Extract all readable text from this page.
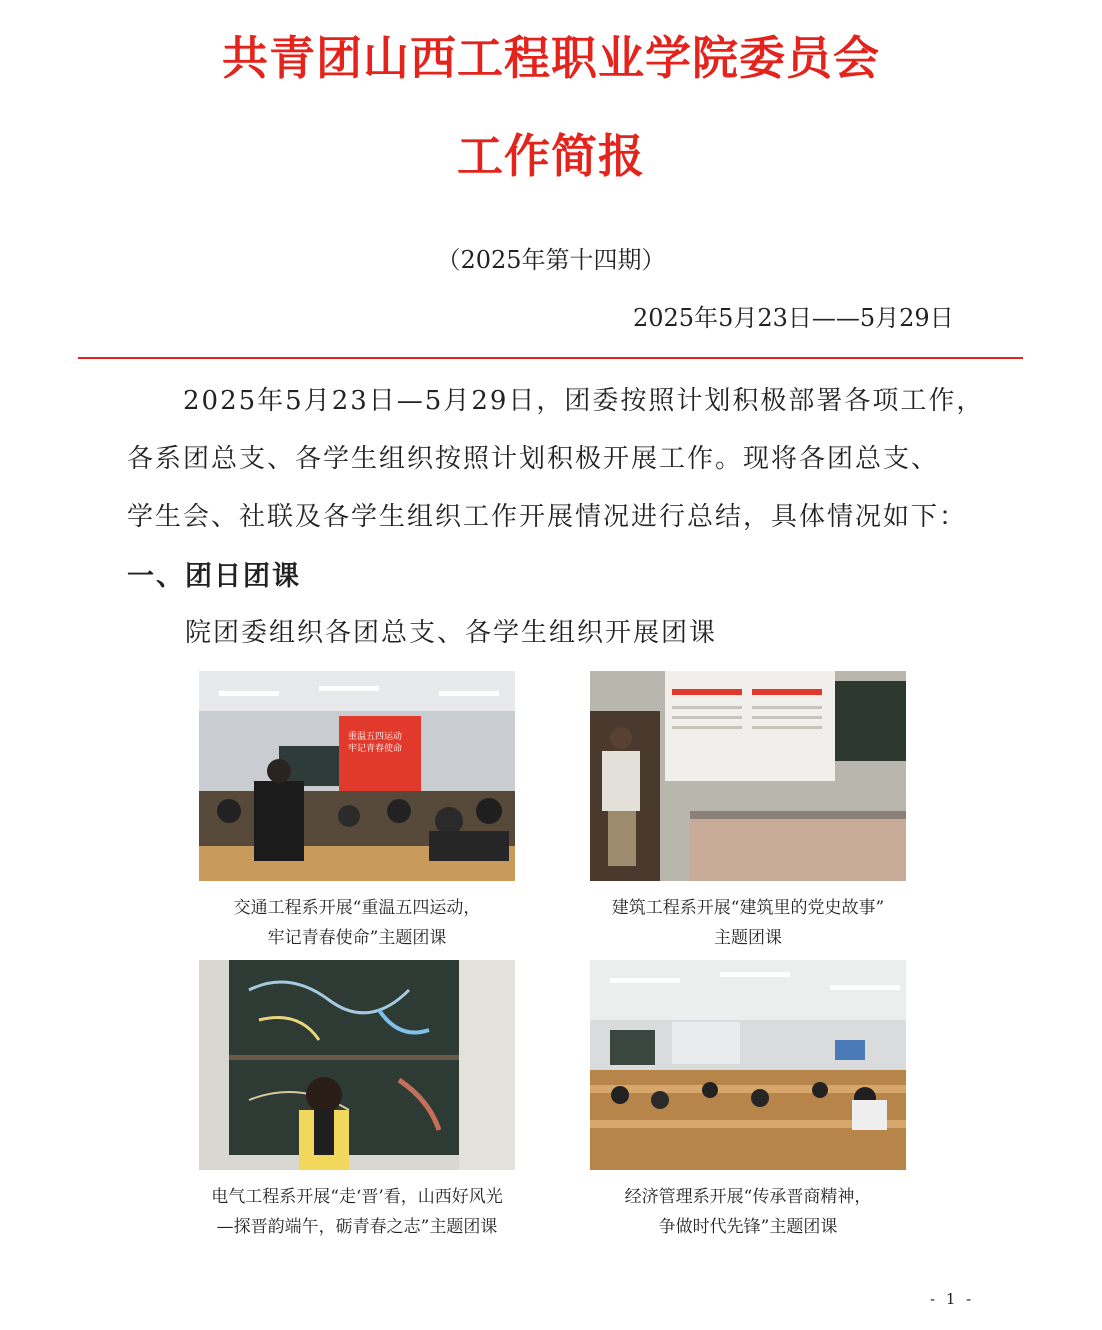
共青团山西工程职业学院委员会
工作简报
（2025年第十四期）
2025年5月23日——5月29日
2025年5月23日—5月29日，团委按照计划积极部署各项工作，
各系团总支、各学生组织按照计划积极开展工作。现将各团总支、
学生会、社联及各学生组织工作开展情况进行总结，具体情况如下：
一、团日团课
院团委组织各团总支、各学生组织开展团课
重温五四运动
牢记青春使命
交通工程系开展“重温五四运动，
牢记青春使命”主题团课
建筑工程系开展“建筑里的党史故事”
主题团课
电气工程系开展“走‘晋’看，山西好风光
—探晋韵端午，砺青春之志”主题团课
经济管理系开展“传承晋商精神，
争做时代先锋”主题团课
- 1 -
